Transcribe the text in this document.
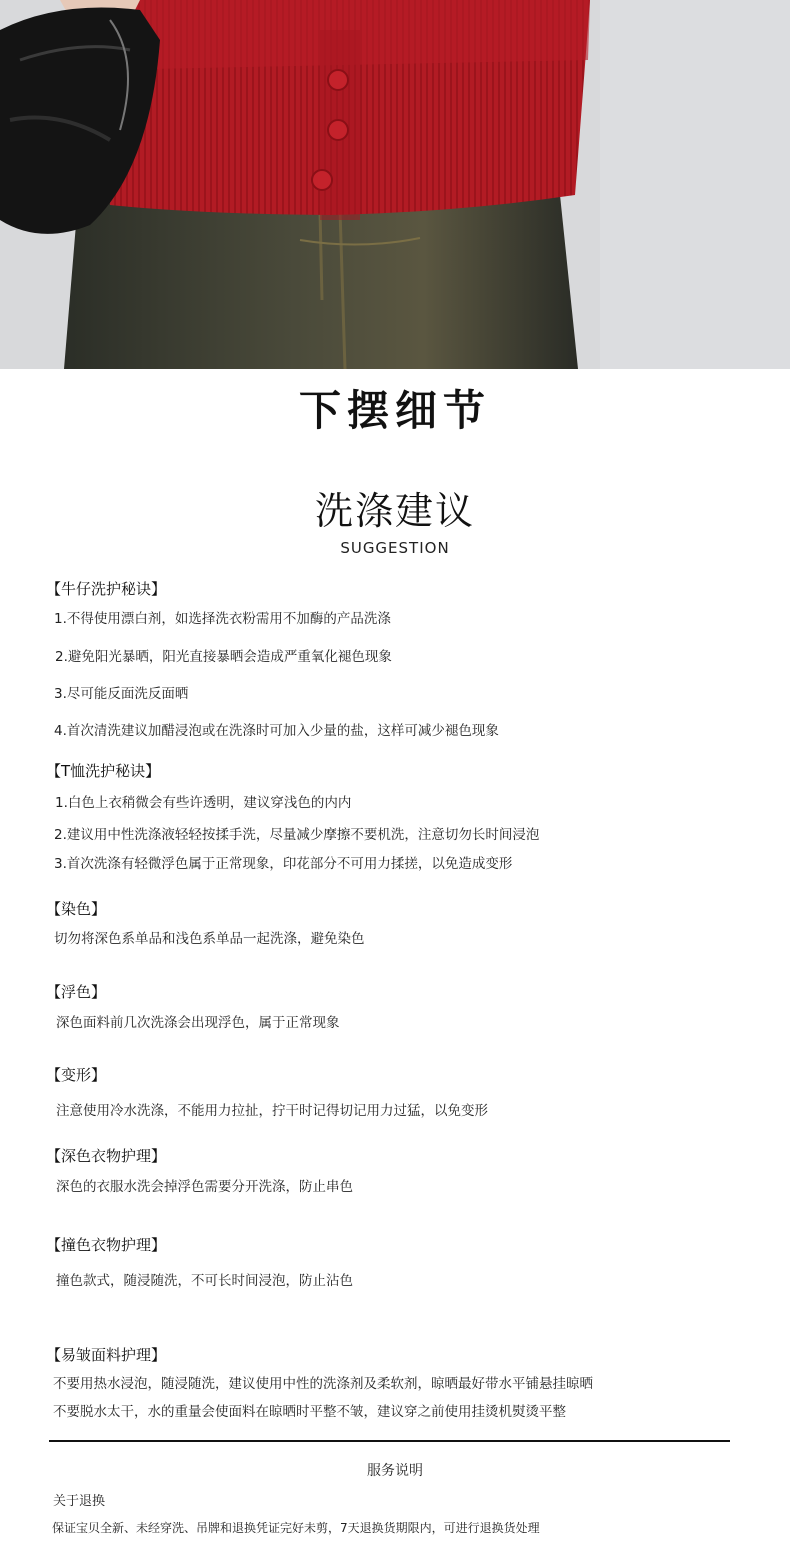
下摆细节
洗涤建议
SUGGESTION
【牛仔洗护秘诀】
1.不得使用漂白剂，如选择洗衣粉需用不加酶的产品洗涤
2.避免阳光暴晒，阳光直接暴晒会造成严重氧化褪色现象
3.尽可能反面洗反面晒
4.首次清洗建议加醋浸泡或在洗涤时可加入少量的盐，这样可减少褪色现象
【T恤洗护秘诀】
1.白色上衣稍微会有些许透明，建议穿浅色的内内
2.建议用中性洗涤液轻轻按揉手洗，尽量减少摩擦不要机洗，注意切勿长时间浸泡
3.首次洗涤有轻微浮色属于正常现象，印花部分不可用力揉搓，以免造成变形
【染色】
切勿将深色系单品和浅色系单品一起洗涤，避免染色
【浮色】
深色面料前几次洗涤会出现浮色，属于正常现象
【变形】
注意使用冷水洗涤，不能用力拉扯，拧干时记得切记用力过猛，以免变形
【深色衣物护理】
深色的衣服水洗会掉浮色需要分开洗涤，防止串色
【撞色衣物护理】
撞色款式，随浸随洗，不可长时间浸泡，防止沾色
【易皱面料护理】
不要用热水浸泡，随浸随洗，建议使用中性的洗涤剂及柔软剂，晾晒最好带水平铺悬挂晾晒
不要脱水太干，水的重量会使面料在晾晒时平整不皱，建议穿之前使用挂烫机熨烫平整
服务说明
关于退换
保证宝贝全新、未经穿洗、吊牌和退换凭证完好未剪，7天退换货期限内，可进行退换货处理
